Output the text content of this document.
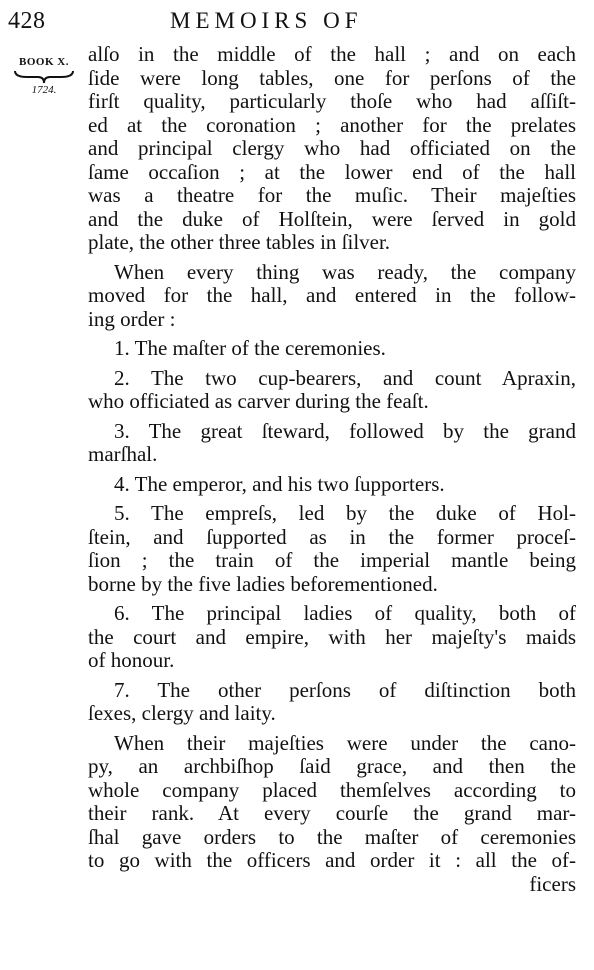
428	MEMOIRS OF
BOOK X.
1724.
alſo in the middle of the hall ; and on each
ſide were long tables, one for perſons of the
firſt quality, particularly thoſe who had aſſiſt-
ed at the coronation ; another for the prelates
and principal clergy who had officiated on the
ſame occaſion ; at the lower end of the hall
was a theatre for the muſic. Their majeſties
and the duke of Holſtein, were ſerved in gold
plate, the other three tables in ſilver.
When every thing was ready, the company
moved for the hall, and entered in the follow-
ing order :
1. The maſter of the ceremonies.
2. The two cup-bearers, and count Apraxin,
who officiated as carver during the feaſt.
3. The great ſteward, followed by the grand
marſhal.
4. The emperor, and his two ſupporters.
5. The empreſs, led by the duke of Hol-
ſtein, and ſupported as in the former proceſ-
ſion ; the train of the imperial mantle being
borne by the five ladies beforementioned.
6. The principal ladies of quality, both of
the court and empire, with her majeſty's maids
of honour.
7. The other perſons of diſtinction both
ſexes, clergy and laity.
When their majeſties were under the cano-
py, an archbiſhop ſaid grace, and then the
whole company placed themſelves according to
their rank. At every courſe the grand mar-
ſhal gave orders to the maſter of ceremonies
to go with the officers and order it : all the of-
ficers
